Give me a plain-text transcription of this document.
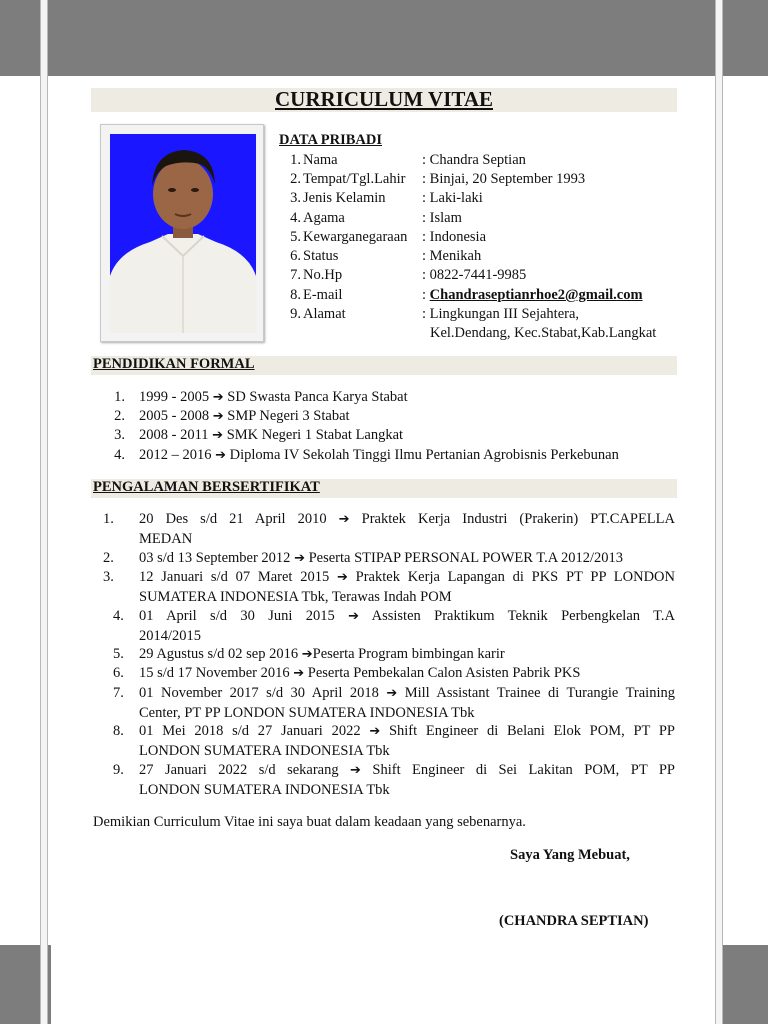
CURRICULUM VITAE
DATA PRIBADI
1. Nama	: Chandra Septian
2. Tempat/Tgl.Lahir : Binjai, 20 September 1993
3. Jenis Kelamin	: Laki-laki
4. Agama	: Islam
5. Kewarganegaraan : Indonesia
6. Status	: Menikah
7. No.Hp	: 0822-7441-9985
8. E-mail	: Chandraseptianrhoe2@gmail.com
9. Alamat	: Lingkungan III Sejahtera,
Kel.Dendang, Kec.Stabat,Kab.Langkat
PENDIDIKAN FORMAL
1. 1999 - 2005 ➔ SD Swasta Panca Karya Stabat
2. 2005 - 2008 ➔ SMP Negeri 3 Stabat
3. 2008 - 2011 ➔ SMK Negeri 1 Stabat Langkat
4. 2012 – 2016 ➔ Diploma IV Sekolah Tinggi Ilmu Pertanian Agrobisnis Perkebunan
PENGALAMAN BERSERTIFIKAT
1. 20 Des s/d 21 April 2010 ➔ Praktek Kerja Industri (Prakerin) PT.CAPELLA
MEDAN
2. 03 s/d 13 September 2012 ➔ Peserta STIPAP PERSONAL POWER T.A 2012/2013
3. 12 Januari s/d 07 Maret 2015 ➔ Praktek Kerja Lapangan di PKS PT PP LONDON
SUMATERA INDONESIA Tbk, Terawas Indah POM
4. 01 April s/d 30 Juni 2015 ➔ Assisten Praktikum Teknik Perbengkelan T.A
2014/2015
5. 29 Agustus s/d 02 sep 2016 ➔Peserta Program bimbingan karir
6. 15 s/d 17 November 2016 ➔ Peserta Pembekalan Calon Asisten Pabrik PKS
7. 01 November 2017 s/d 30 April 2018 ➔ Mill Assistant Trainee di Turangie Training
Center, PT PP LONDON SUMATERA INDONESIA Tbk
8. 01 Mei 2018 s/d 27 Januari 2022 ➔ Shift Engineer di Belani Elok POM, PT PP
LONDON SUMATERA INDONESIA Tbk
9. 27 Januari 2022 s/d sekarang ➔ Shift Engineer di Sei Lakitan POM, PT PP
LONDON SUMATERA INDONESIA Tbk
Demikian Curriculum Vitae ini saya buat dalam keadaan yang sebenarnya.
Saya Yang Mebuat,
(CHANDRA SEPTIAN)
